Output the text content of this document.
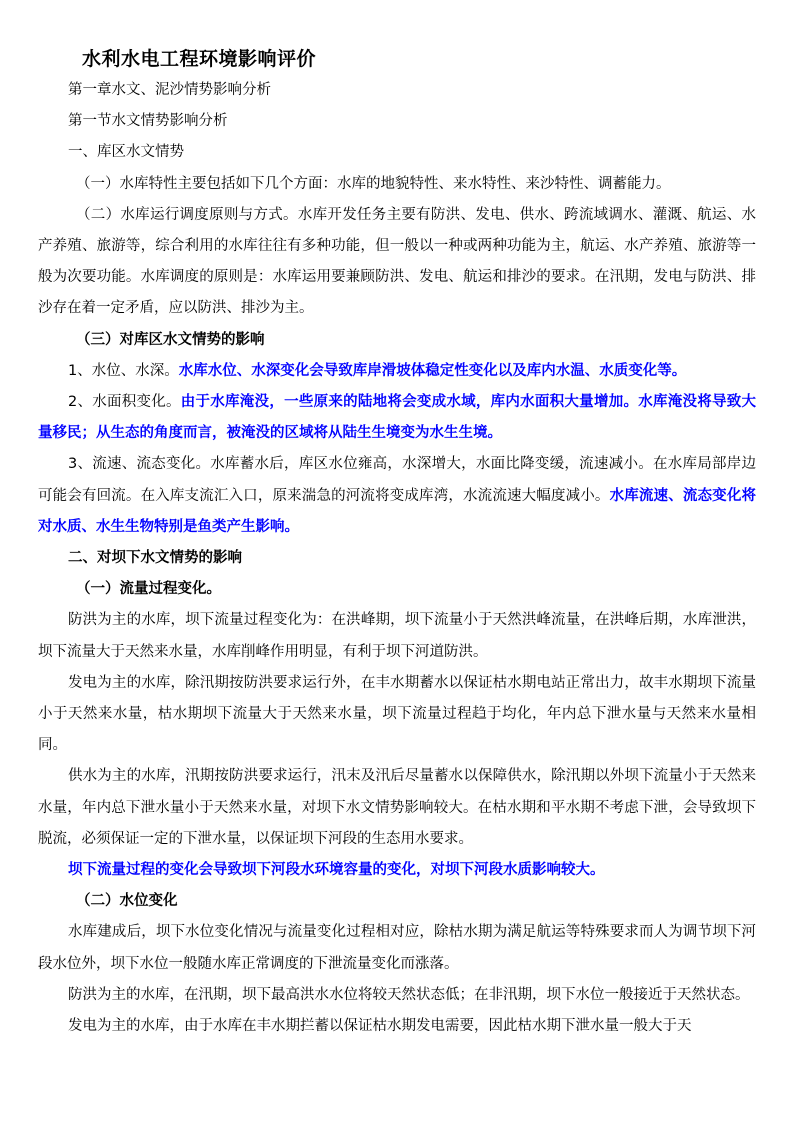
水利水电工程环境影响评价

第一章水文、泥沙情势影响分析

第一节水文情势影响分析

一、库区水文情势

（一）水库特性主要包括如下几个方面：水库的地貌特性、来水特性、来沙特性、调蓄能力。

（二）水库运行调度原则与方式。水库开发任务主要有防洪、发电、供水、跨流域调水、灌溉、航运、水产养殖、旅游等，综合利用的水库往往有多种功能，但一般以一种或两种功能为主，航运、水产养殖、旅游等一般为次要功能。水库调度的原则是：水库运用要兼顾防洪、发电、航运和排沙的要求。在汛期，发电与防洪、排沙存在着一定矛盾，应以防洪、排沙为主。

（三）对库区水文情势的影响

1、水位、水深。水库水位、水深变化会导致库岸滑坡体稳定性变化以及库内水温、水质变化等。

2、水面积变化。由于水库淹没，一些原来的陆地将会变成水域，库内水面积大量增加。水库淹没将导致大量移民；从生态的角度而言，被淹没的区域将从陆生生境变为水生生境。

3、流速、流态变化。水库蓄水后，库区水位雍高，水深增大，水面比降变缓，流速减小。在水库局部岸边可能会有回流。在入库支流汇入口，原来湍急的河流将变成库湾，水流流速大幅度减小。水库流速、流态变化将对水质、水生生物特别是鱼类产生影响。

二、对坝下水文情势的影响

（一）流量过程变化。

防洪为主的水库，坝下流量过程变化为：在洪峰期，坝下流量小于天然洪峰流量，在洪峰后期，水库泄洪，坝下流量大于天然来水量，水库削峰作用明显，有利于坝下河道防洪。

发电为主的水库，除汛期按防洪要求运行外，在丰水期蓄水以保证枯水期电站正常出力，故丰水期坝下流量小于天然来水量，枯水期坝下流量大于天然来水量，坝下流量过程趋于均化，年内总下泄水量与天然来水量相同。

供水为主的水库，汛期按防洪要求运行，汛末及汛后尽量蓄水以保障供水，除汛期以外坝下流量小于天然来水量，年内总下泄水量小于天然来水量，对坝下水文情势影响较大。在枯水期和平水期不考虑下泄，会导致坝下脱流，必须保证一定的下泄水量，以保证坝下河段的生态用水要求。

坝下流量过程的变化会导致坝下河段水环境容量的变化，对坝下河段水质影响较大。

（二）水位变化

水库建成后，坝下水位变化情况与流量变化过程相对应，除枯水期为满足航运等特殊要求而人为调节坝下河段水位外，坝下水位一般随水库正常调度的下泄流量变化而涨落。

防洪为主的水库，在汛期，坝下最高洪水水位将较天然状态低；在非汛期，坝下水位一般接近于天然状态。

发电为主的水库，由于水库在丰水期拦蓄以保证枯水期发电需要，因此枯水期下泄水量一般大于天
